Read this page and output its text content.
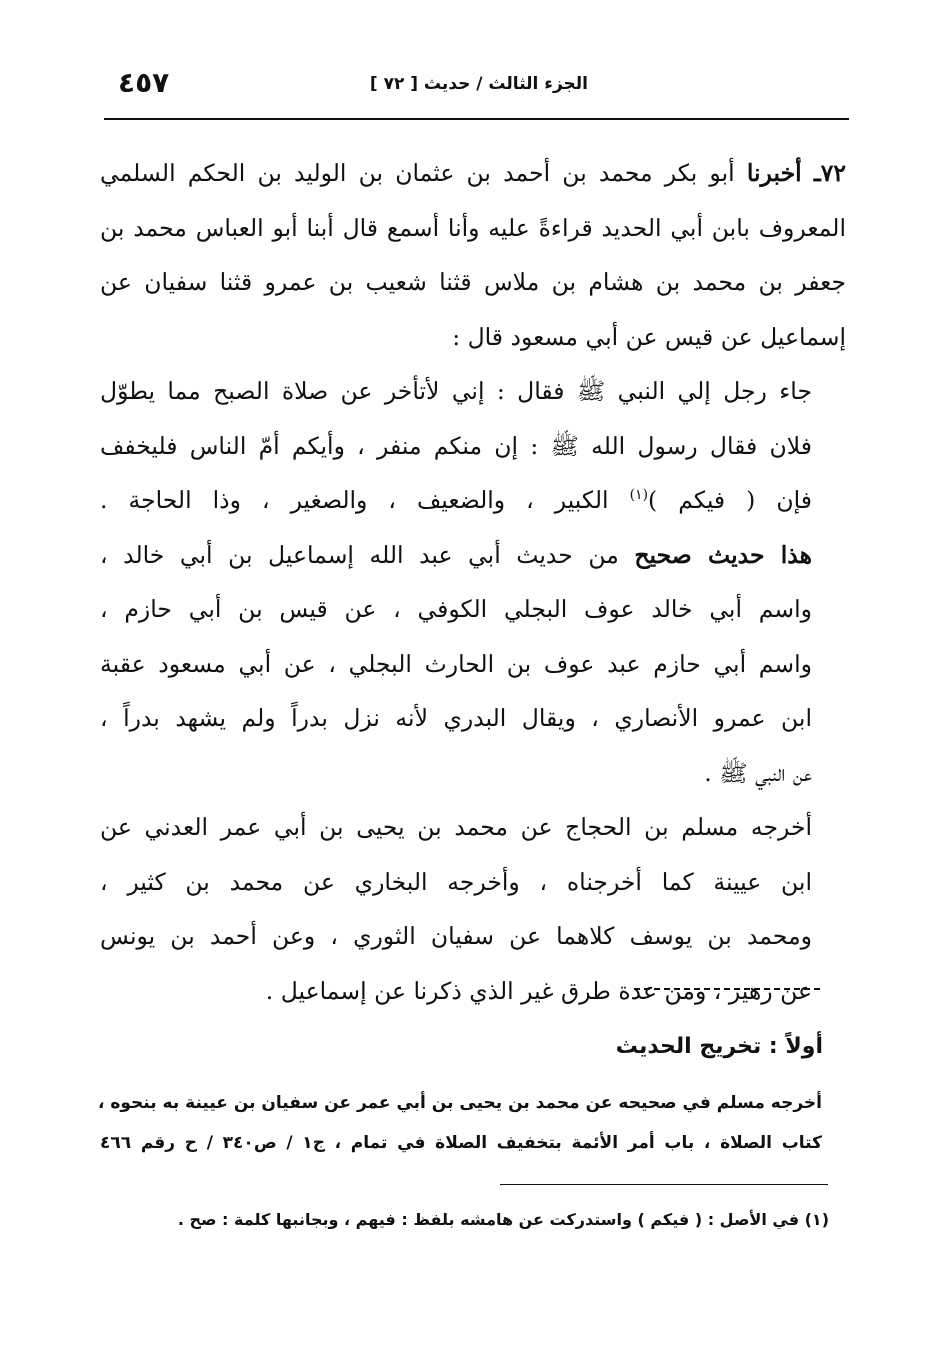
٤٥٧	الجزء الثالث / حديث [ ٧٢ ]

٧٢ـ أخبرنا أبو بكر محمد بن أحمد بن عثمان بن الوليد بن الحكم السلمي
المعروف بابن أبي الحديد قراءةً عليه وأنا أسمع قال أبنا أبو العباس محمد بن
جعفر بن محمد بن هشام بن ملاس قثنا شعيب بن عمرو قثنا سفيان عن
إسماعيل عن قيس عن أبي مسعود قال :

جاء رجل إلي النبي ﷺ فقال : إني لأتأخر عن صلاة الصبح مما يطوّل
فلان فقال رسول الله ﷺ : إن منكم منفر ، وأيكم أمّ الناس فليخفف
فإن ( فيكم )$^{(١)}$ الكبير ، والضعيف ، والصغير ، وذا الحاجة .

هذا حديث صحيح من حديث أبي عبد الله إسماعيل بن أبي خالد ،
واسم أبي خالد عوف البجلي الكوفي ، عن قيس بن أبي حازم ،
واسم أبي حازم عبد عوف بن الحارث البجلي ، عن أبي مسعود عقبة
ابن عمرو الأنصاري ، ويقال البدري لأنه نزل بدراً ولم يشهد بدراً ،
عن النبي ﷺ .

أخرجه مسلم بن الحجاج عن محمد بن يحيى بن أبي عمر العدني عن
ابن عيينة كما أخرجناه ، وأخرجه البخاري عن محمد بن كثير ،
ومحمد بن يوسف كلاهما عن سفيان الثوري ، وعن أحمد بن يونس
عن زهير ، ومن عدة طرق غير الذي ذكرنا عن إسماعيل .

أولاً : تخريج الحديث
أخرجه مسلم في صحيحه عن محمد بن يحيى بن أبي عمر عن سفيان بن عيينة به بنحوه ،
كتاب الصلاة ، باب أمر الأئمة بتخفيف الصلاة في تمام ، ج١ / ص٣٤٠ / ح رقم ٤٦٦
(١) في الأصل : ( فيكم ) واستدركت عن هامشه بلفظ : فيهم ، وبجانبها كلمة : صح .
